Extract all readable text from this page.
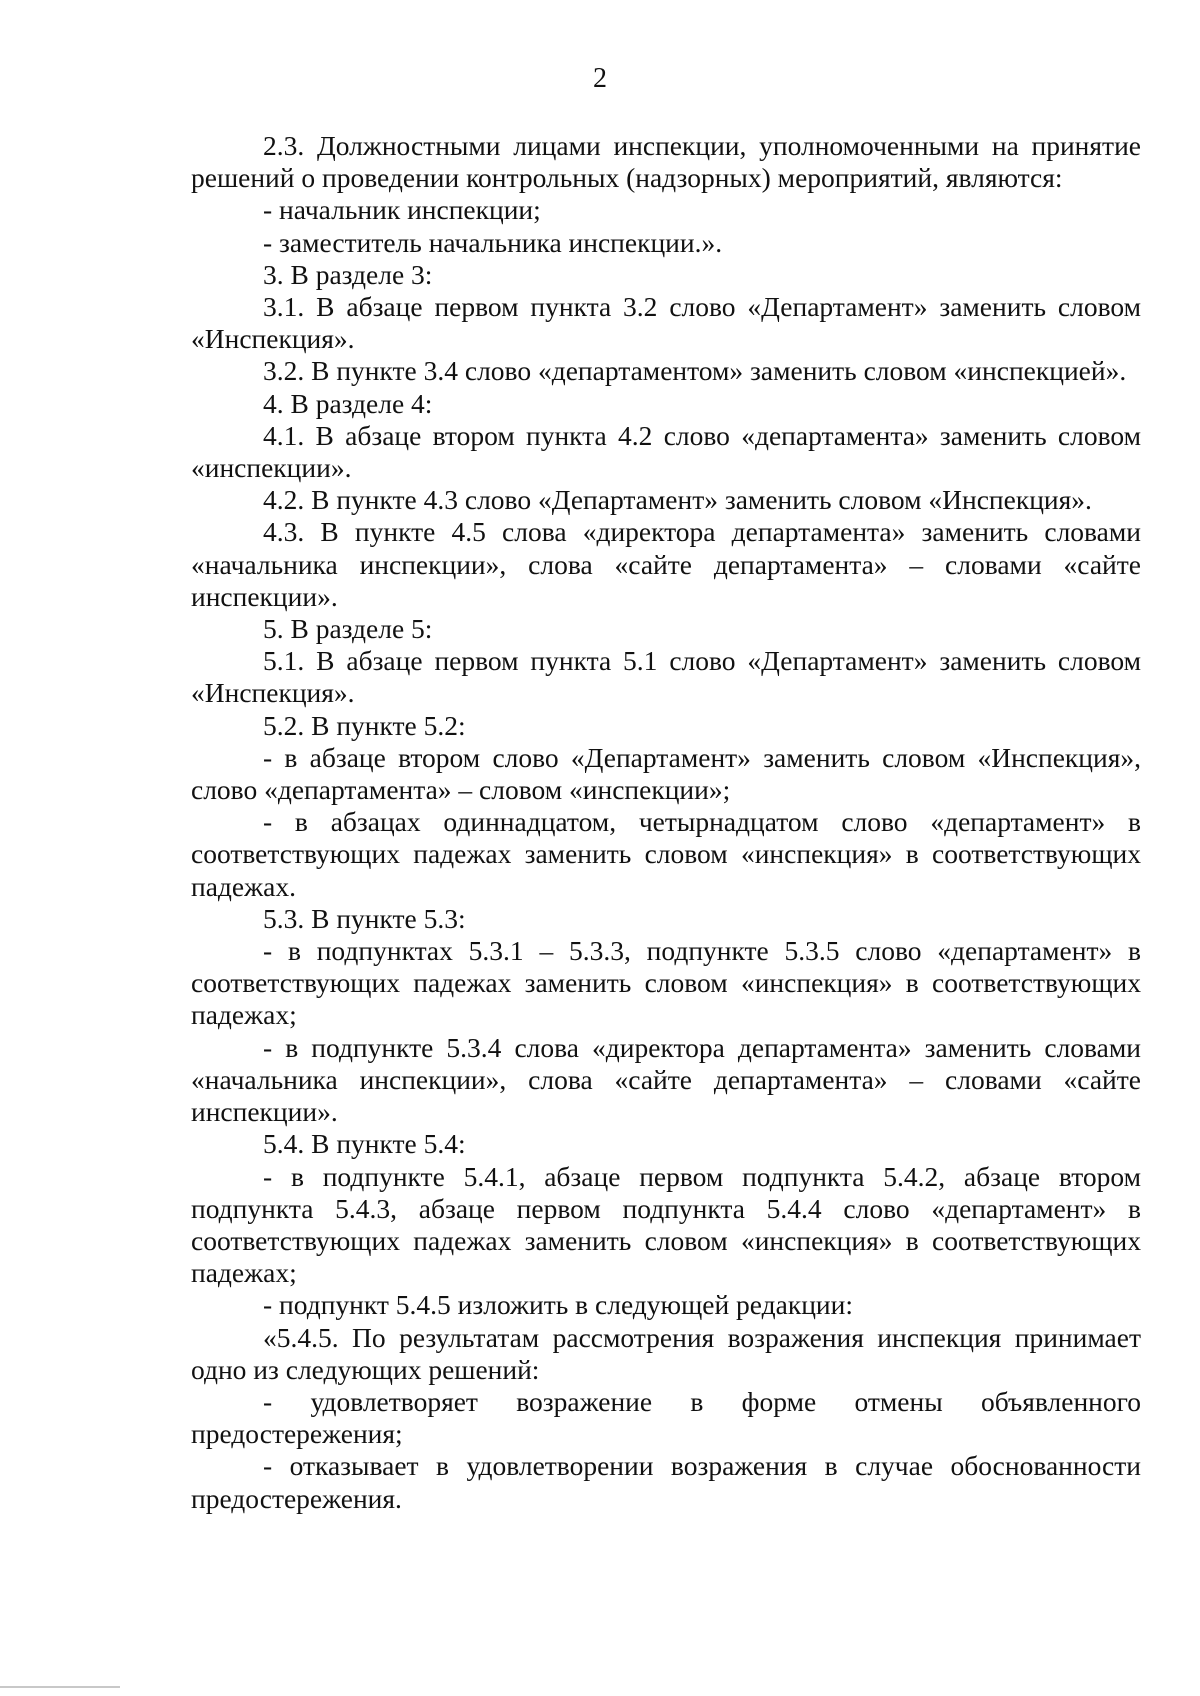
2

2.3. Должностными лицами инспекции, уполномоченными на принятие решений о проведении контрольных (надзорных) мероприятий, являются:

- начальник инспекции;

- заместитель начальника инспекции.».

3. В разделе 3:

3.1. В абзаце первом пункта 3.2 слово «Департамент» заменить словом «Инспекция».

3.2. В пункте 3.4 слово «департаментом» заменить словом «инспекцией».

4. В разделе 4:

4.1. В абзаце втором пункта 4.2 слово «департамента» заменить словом «инспекции».

4.2. В пункте 4.3 слово «Департамент» заменить словом «Инспекция».

4.3. В пункте 4.5 слова «директора департамента» заменить словами «начальника инспекции», слова «сайте департамента» – словами «сайте инспекции».

5. В разделе 5:

5.1. В абзаце первом пункта 5.1 слово «Департамент» заменить словом «Инспекция».

5.2. В пункте 5.2:

- в абзаце втором слово «Департамент» заменить словом «Инспекция», слово «департамента» – словом «инспекции»;

- в абзацах одиннадцатом, четырнадцатом слово «департамент» в соответствующих падежах заменить словом «инспекция» в соответствующих падежах.

5.3. В пункте 5.3:

- в подпунктах 5.3.1 – 5.3.3, подпункте 5.3.5 слово «департамент» в соответствующих падежах заменить словом «инспекция» в соответствующих падежах;

- в подпункте 5.3.4 слова «директора департамента» заменить словами «начальника инспекции», слова «сайте департамента» – словами «сайте инспекции».

5.4. В пункте 5.4:

- в подпункте 5.4.1, абзаце первом подпункта 5.4.2, абзаце втором подпункта 5.4.3, абзаце первом подпункта 5.4.4 слово «департамент» в соответствующих падежах заменить словом «инспекция» в соответствующих падежах;

- подпункт 5.4.5 изложить в следующей редакции:

«5.4.5. По результатам рассмотрения возражения инспекция принимает одно из следующих решений:

- удовлетворяет возражение в форме отмены объявленного предостережения;

- отказывает в удовлетворении возражения в случае обоснованности предостережения.
